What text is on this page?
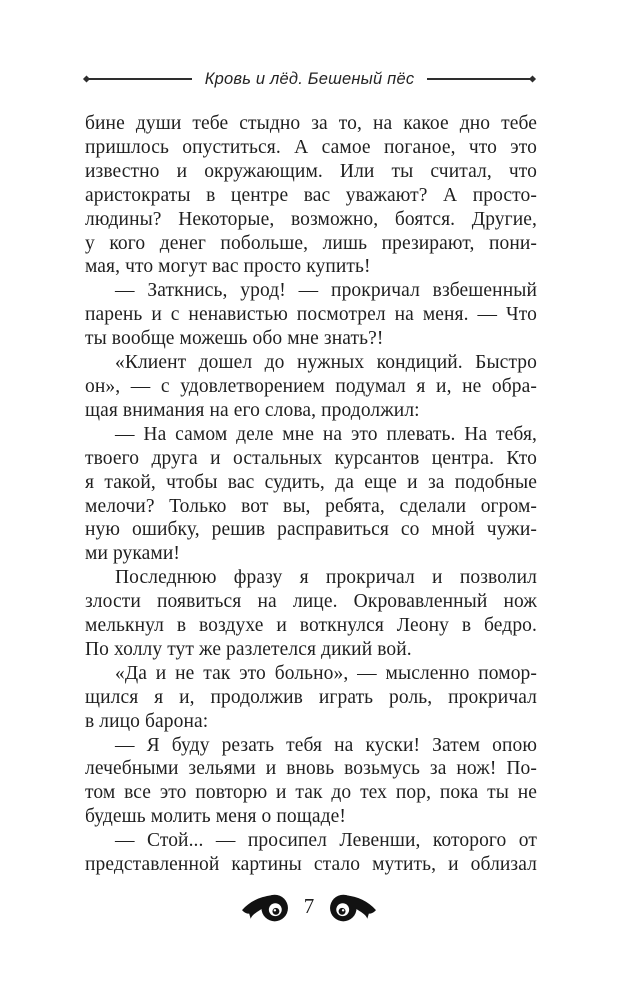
Кровь и лёд. Бешеный пёс
бине души тебе стыдно за то, на какое дно тебе
пришлось опуститься. А самое поганое, что это
известно и окружающим. Или ты считал, что
аристократы в центре вас уважают? А просто-
людины? Некоторые, возможно, боятся. Другие,
у кого денег побольше, лишь презирают, пони-
мая, что могут вас просто купить!
— Заткнись, урод! — прокричал взбешенный
парень и с ненавистью посмотрел на меня. — Что
ты вообще можешь обо мне знать?!
«Клиент дошел до нужных кондиций. Быстро
он», — с удовлетворением подумал я и, не обра-
щая внимания на его слова, продолжил:
— На самом деле мне на это плевать. На тебя,
твоего друга и остальных курсантов центра. Кто
я такой, чтобы вас судить, да еще и за подобные
мелочи? Только вот вы, ребята, сделали огром-
ную ошибку, решив расправиться со мной чужи-
ми руками!
Последнюю фразу я прокричал и позволил
злости появиться на лице. Окровавленный нож
мелькнул в воздухе и воткнулся Леону в бедро.
По холлу тут же разлетелся дикий вой.
«Да и не так это больно», — мысленно помор-
щился я и, продолжив играть роль, прокричал
в лицо барона:
— Я буду резать тебя на куски! Затем опою
лечебными зельями и вновь возьмусь за нож! По-
том все это повторю и так до тех пор, пока ты не
будешь молить меня о пощаде!
— Стой... — просипел Левенши, которого от
представленной картины стало мутить, и облизал
7
